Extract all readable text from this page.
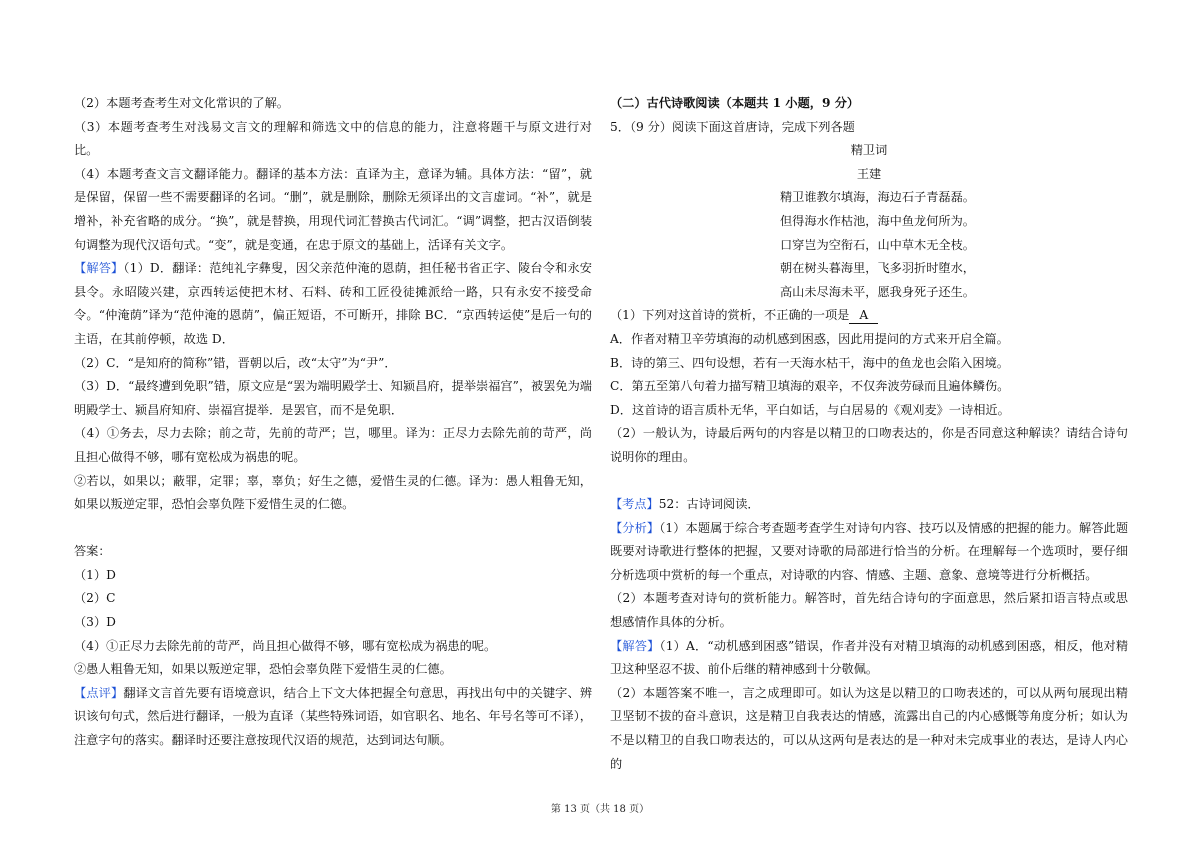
（2）本题考查考生对文化常识的了解。

（3）本题考查考生对浅易文言文的理解和筛选文中的信息的能力，注意将题干与原文进行对比。

（4）本题考查文言文翻译能力。翻译的基本方法：直译为主，意译为辅。具体方法：“留”，就是保留，保留一些不需要翻译的名词。“删”，就是删除，删除无须译出的文言虚词。“补”，就是增补，补充省略的成分。“换”，就是替换，用现代词汇替换古代词汇。“调”调整，把古汉语倒装句调整为现代汉语句式。“变”，就是变通，在忠于原文的基础上，活译有关文字。

【解答】（1）D．翻译：范纯礼字彝叟，因父亲范仲淹的恩荫，担任秘书省正字、陵台令和永安县令。永昭陵兴建，京西转运使把木材、石料、砖和工匠役徒摊派给一路，只有永安不接受命令。“仲淹荫”译为“范仲淹的恩荫”，偏正短语，不可断开，排除 BC．“京西转运使”是后一句的主语，在其前停顿，故选 D．

（2）C．“是知府的简称”错，晋朝以后，改“太守”为“尹”．

（3）D．“最终遭到免职”错，原文应是“罢为端明殿学士、知颍昌府，提举崇福宫”，被罢免为端明殿学士、颍昌府知府、崇福宫提举．是罢官，而不是免职．

（4）①务去，尽力去除；前之苛，先前的苛严；岂，哪里。译为：正尽力去除先前的苛严，尚且担心做得不够，哪有宽松成为祸患的呢。

②若以，如果以；蔽罪，定罪；辜，辜负；好生之德，爱惜生灵的仁德。译为：愚人粗鲁无知，如果以叛逆定罪，恐怕会辜负陛下爱惜生灵的仁德。

答案：

（1）D

（2）C

（3）D

（4）①正尽力去除先前的苛严，尚且担心做得不够，哪有宽松成为祸患的呢。

②愚人粗鲁无知，如果以叛逆定罪，恐怕会辜负陛下爱惜生灵的仁德。

【点评】翻译文言首先要有语境意识，结合上下文大体把握全句意思，再找出句中的关键字、辨识该句句式，然后进行翻译，一般为直译（某些特殊词语，如官职名、地名、年号名等可不译），注意字句的落实。翻译时还要注意按现代汉语的规范，达到词达句顺。

（二）古代诗歌阅读（本题共 1 小题，9 分）

5．（9 分）阅读下面这首唐诗，完成下列各题

精卫词

王建

精卫谁教尔填海，海边石子青磊磊。

但得海水作枯池，海中鱼龙何所为。

口穿岂为空衔石，山中草木无全枝。

朝在树头暮海里，飞多羽折时堕水，

高山未尽海未平，愿我身死子还生。

（1）下列对这首诗的赏析，不正确的一项是 A

A．作者对精卫辛劳填海的动机感到困惑，因此用提问的方式来开启全篇。

B．诗的第三、四句设想，若有一天海水枯干，海中的鱼龙也会陷入困境。

C．第五至第八句着力描写精卫填海的艰辛，不仅奔波劳碌而且遍体鳞伤。

D．这首诗的语言质朴无华，平白如话，与白居易的《观刈麦》一诗相近。

（2）一般认为，诗最后两句的内容是以精卫的口吻表达的，你是否同意这种解读？请结合诗句说明你的理由。

【考点】52：古诗词阅读．

【分析】（1）本题属于综合考查题考查学生对诗句内容、技巧以及情感的把握的能力。解答此题既要对诗歌进行整体的把握，又要对诗歌的局部进行恰当的分析。在理解每一个选项时，要仔细分析选项中赏析的每一个重点，对诗歌的内容、情感、主题、意象、意境等进行分析概括。

（2）本题考查对诗句的赏析能力。解答时，首先结合诗句的字面意思，然后紧扣语言特点或思想感情作具体的分析。

【解答】（1）A．“动机感到困惑”错误，作者并没有对精卫填海的动机感到困惑，相反，他对精卫这种坚忍不拔、前仆后继的精神感到十分敬佩。

（2）本题答案不唯一，言之成理即可。如认为这是以精卫的口吻表述的，可以从两句展现出精卫坚韧不拔的奋斗意识，这是精卫自我表达的情感，流露出自己的内心感慨等角度分析；如认为不是以精卫的自我口吻表达的，可以从这两句是表达的是一种对未完成事业的表达，是诗人内心的

第 13 页（共 18 页）
